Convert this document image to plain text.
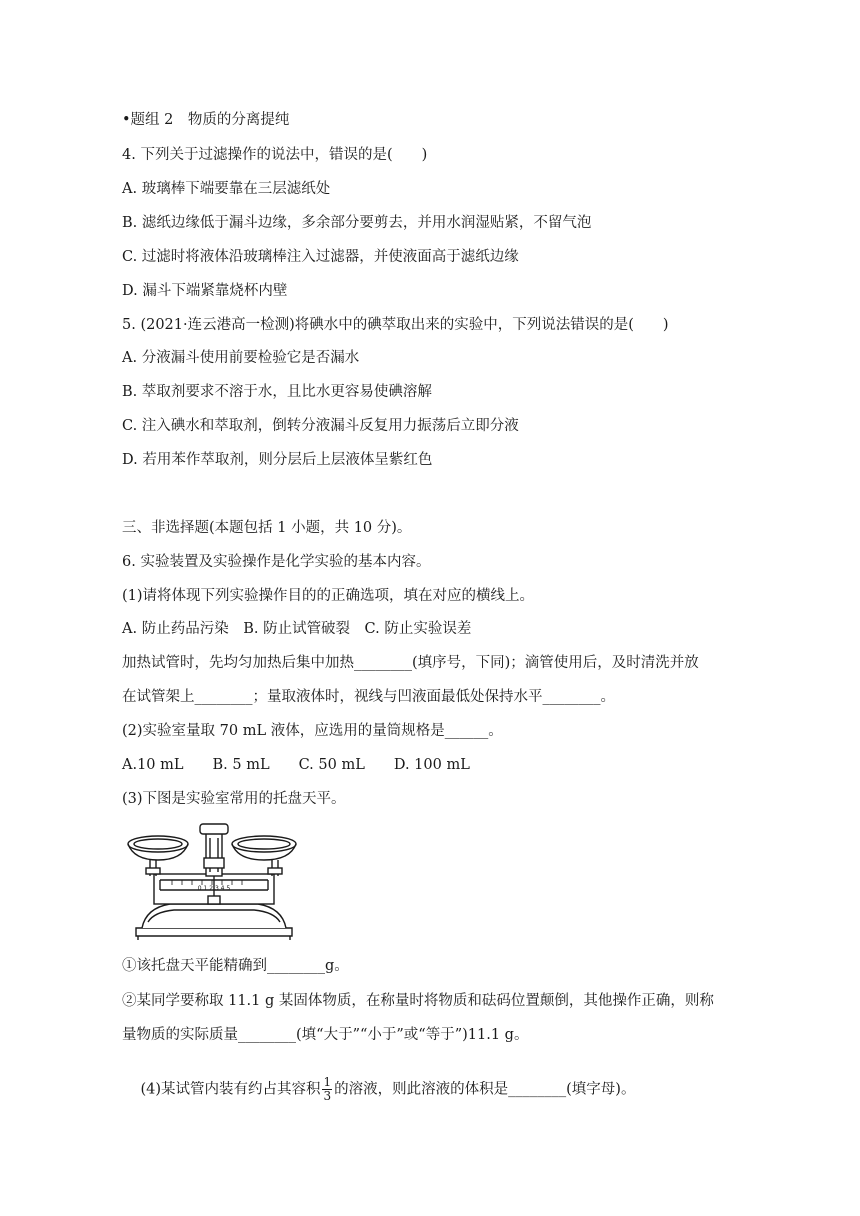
•题组 2　物质的分离提纯
4. 下列关于过滤操作的说法中，错误的是(　　)
A. 玻璃棒下端要靠在三层滤纸处
B. 滤纸边缘低于漏斗边缘，多余部分要剪去，并用水润湿贴紧，不留气泡
C. 过滤时将液体沿玻璃棒注入过滤器，并使液面高于滤纸边缘
D. 漏斗下端紧靠烧杯内壁
5. (2021·连云港高一检测)将碘水中的碘萃取出来的实验中，下列说法错误的是(　　)
A. 分液漏斗使用前要检验它是否漏水
B. 萃取剂要求不溶于水，且比水更容易使碘溶解
C. 注入碘水和萃取剂，倒转分液漏斗反复用力振荡后立即分液
D. 若用苯作萃取剂，则分层后上层液体呈紫红色
三、非选择题(本题包括 1 小题，共 10 分)。
6. 实验装置及实验操作是化学实验的基本内容。
(1)请将体现下列实验操作目的的正确选项，填在对应的横线上。
A. 防止药品污染　B. 防止试管破裂　C. 防止实验误差
加热试管时，先均匀加热后集中加热________(填序号，下同)；滴管使用后，及时清洗并放
在试管架上________；量取液体时，视线与凹液面最低处保持水平________。
(2)实验室量取 70 mL 液体，应选用的量筒规格是______。
A.10 mL　　B. 5 mL　　C. 50 mL　　D. 100 mL
(3)下图是实验室常用的托盘天平。
0 1 2 3 4 5
①该托盘天平能精确到________g。
②某同学要称取 11.1 g 某固体物质，在称量时将物质和砝码位置颠倒，其他操作正确，则称
量物质的实际质量________(填“大于”“小于”或“等于”)11.1 g。

(4)某试管内装有约占其容积 $\frac{1}{3}$ 的溶液，则此溶液的体积是________(填字母)。
